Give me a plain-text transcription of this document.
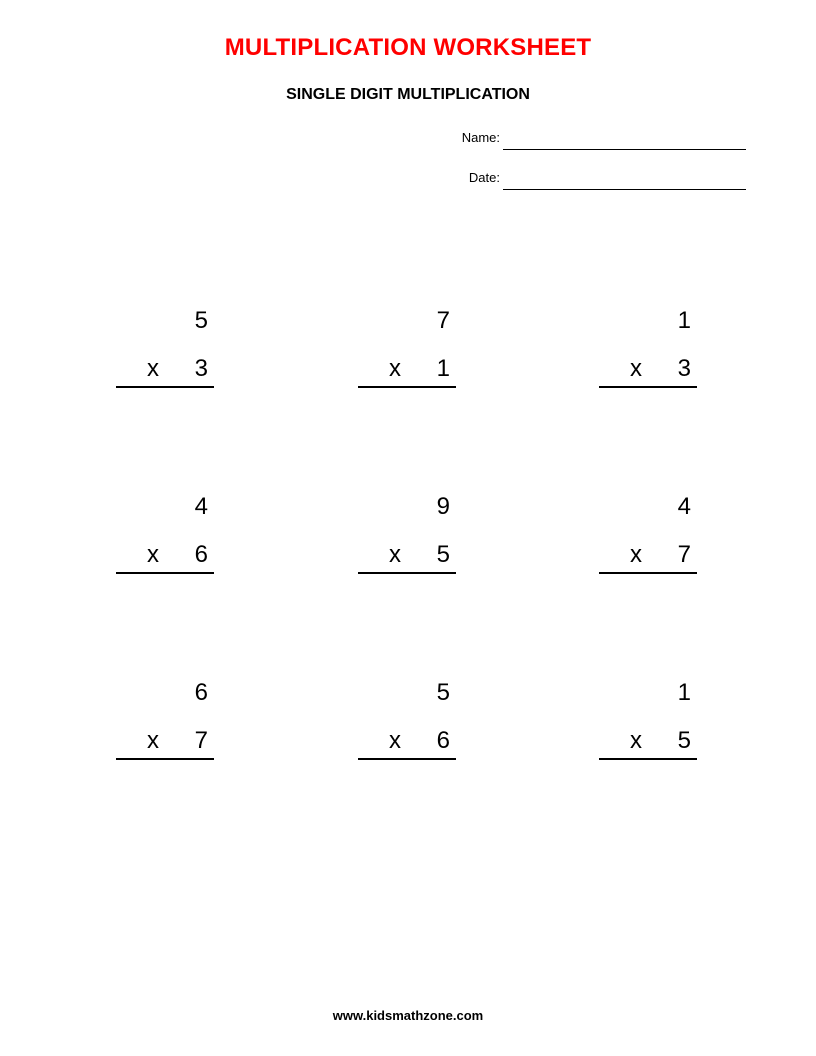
MULTIPLICATION WORKSHEET
SINGLE DIGIT MULTIPLICATION
Name:
Date:
5
x 3
7
x 1
1
x 3
4
x 6
9
x 5
4
x 7
6
x 7
5
x 6
1
x 5
www.kidsmathzone.com
